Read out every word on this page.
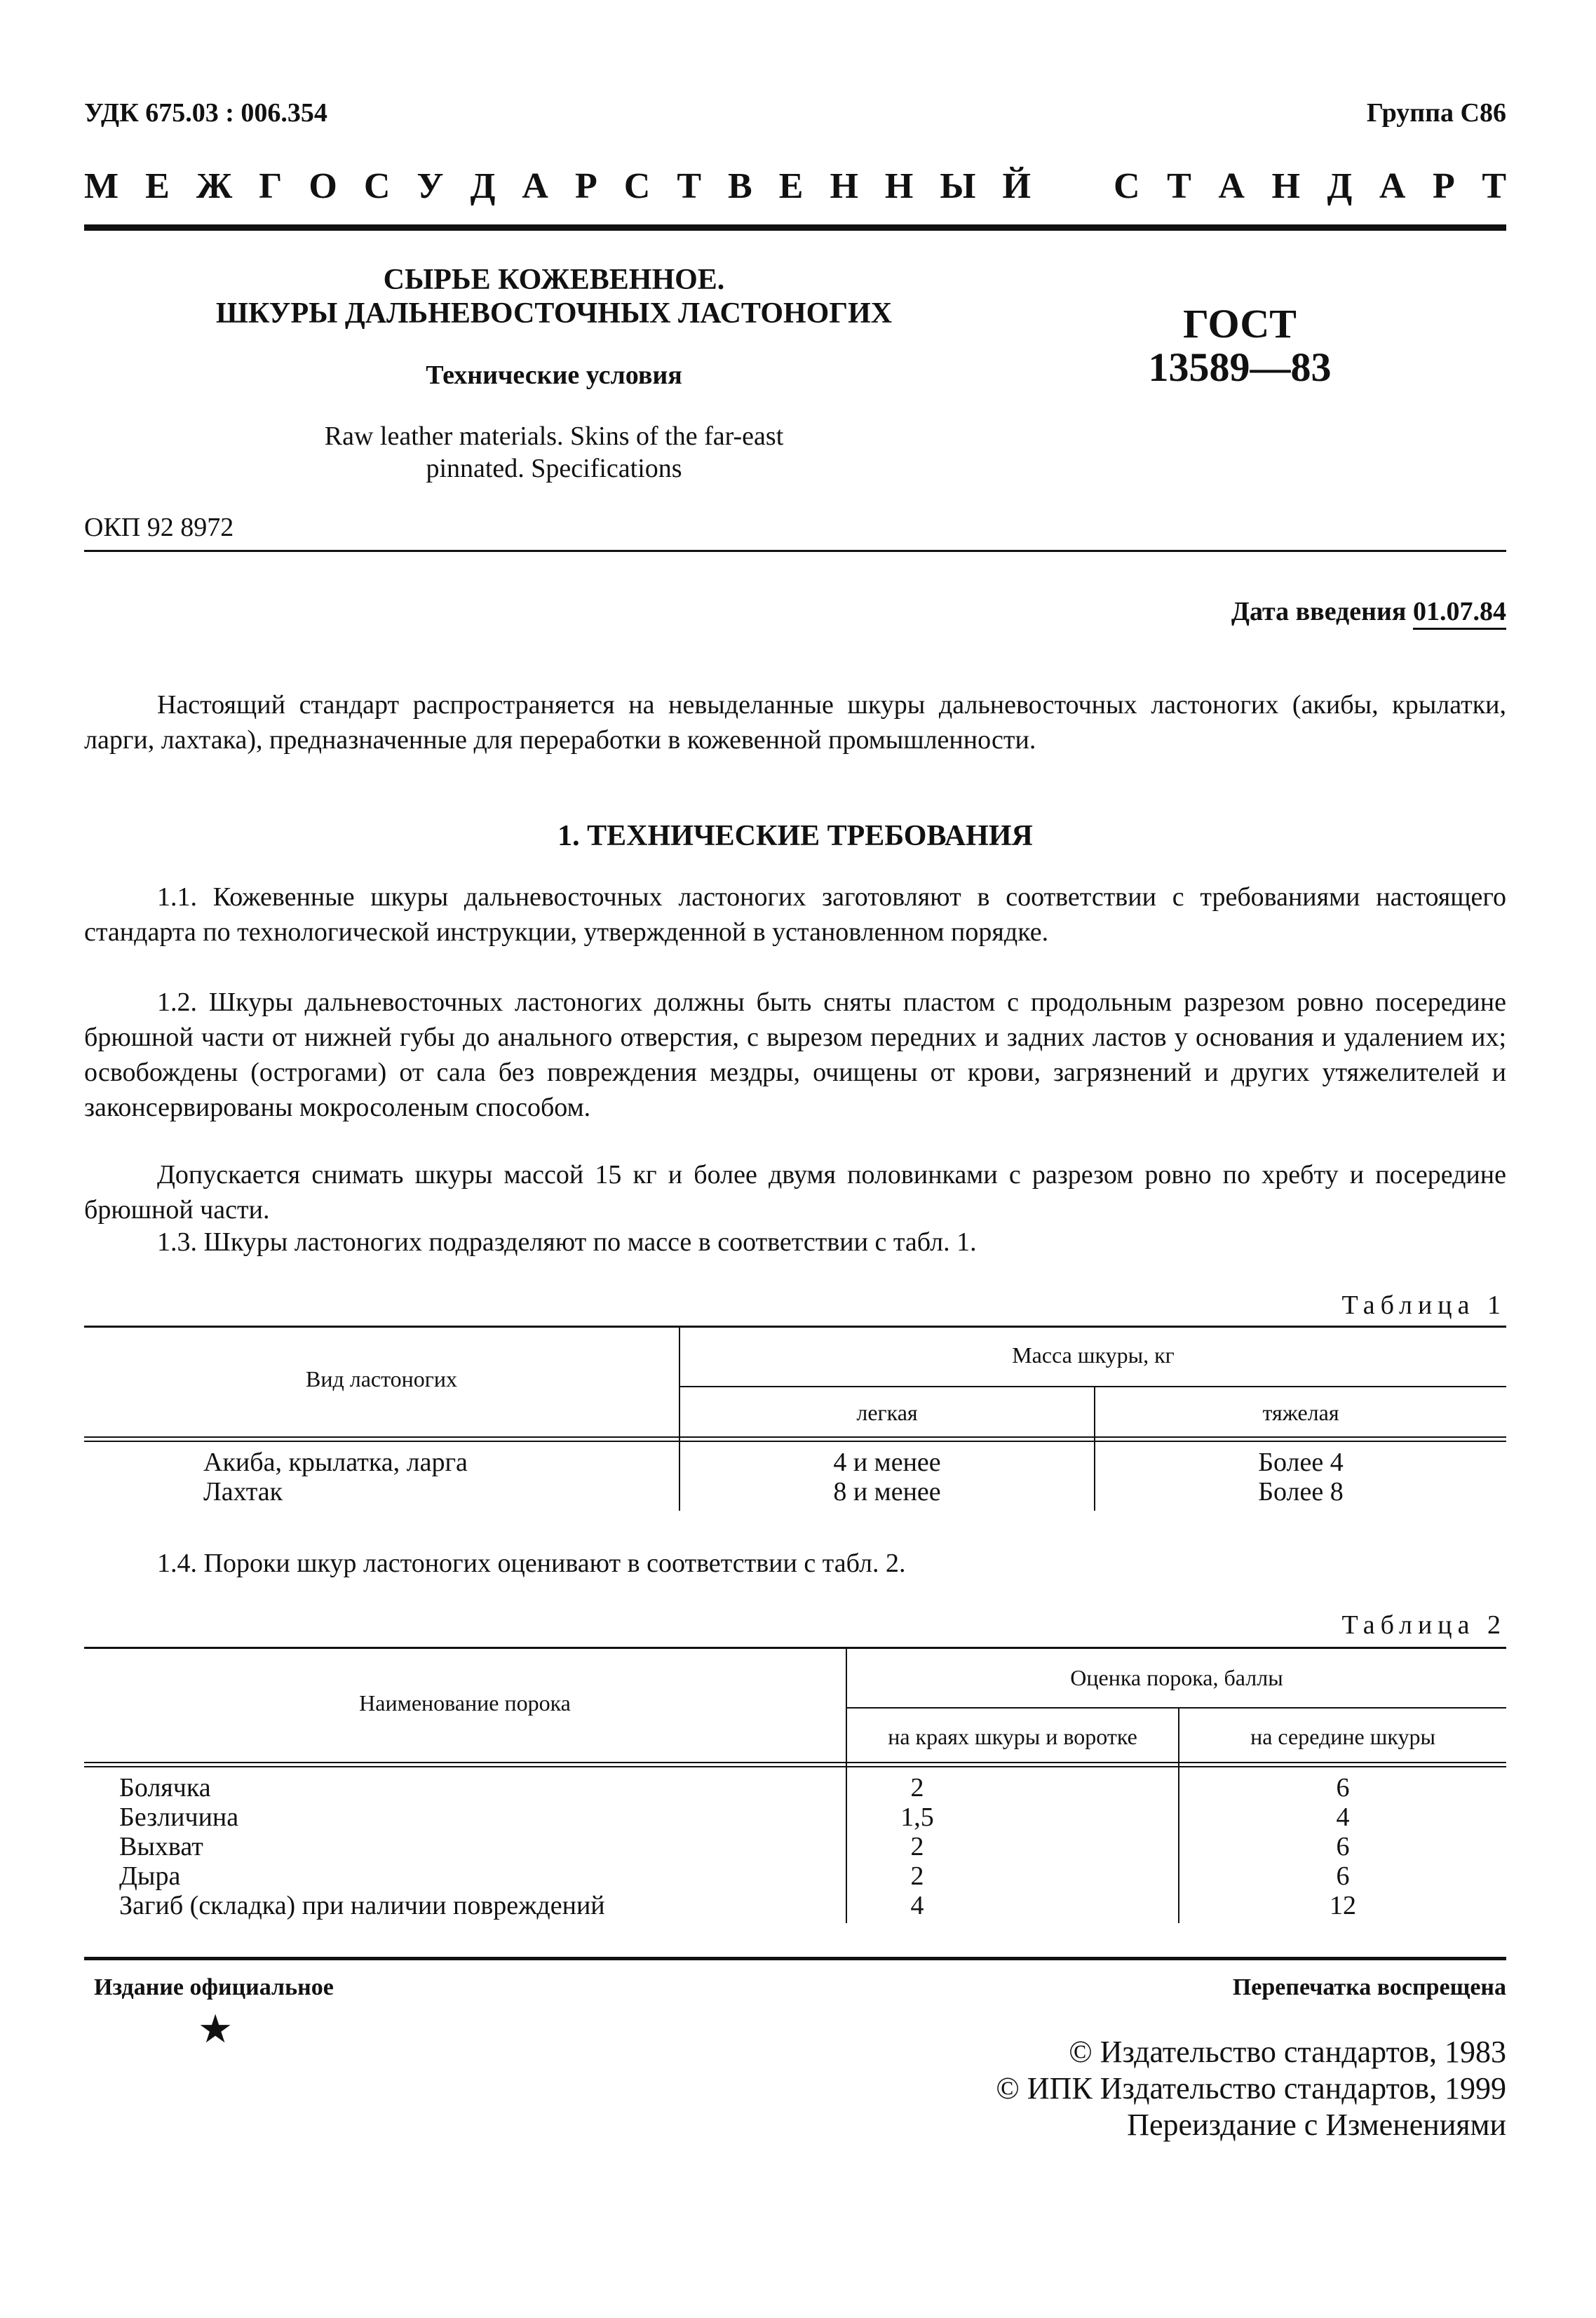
УДК 675.03 : 006.354	Группа С86
М Е Ж Г О С У Д А Р С Т В Е Н Н Ы Й С Т А Н Д А Р Т
СЫРЬЕ КОЖЕВЕННОЕ.
ШКУРЫ ДАЛЬНЕВОСТОЧНЫХ ЛАСТОНОГИХ
Технические условия
Raw leather materials. Skins of the far-east
pinnated. Specifications
ГОСТ
13589—83
ОКП 92 8972
Дата введения 01.07.84
Настоящий стандарт распространяется на невыделанные шкуры дальневосточных ластоногих (акибы, крылатки, ларги, лахтака), предназначенные для переработки в кожевенной промышленности.
1. ТЕХНИЧЕСКИЕ ТРЕБОВАНИЯ
1.1. Кожевенные шкуры дальневосточных ластоногих заготовляют в соответствии с требованиями настоящего стандарта по технологической инструкции, утвержденной в установленном порядке.
1.2. Шкуры дальневосточных ластоногих должны быть сняты пластом с продольным разрезом ровно посередине брюшной части от нижней губы до анального отверстия, с вырезом передних и задних ластов у основания и удалением их; освобождены (острогами) от сала без повреждения мездры, очищены от крови, загрязнений и других утяжелителей и законсервированы мокросоленым способом.
Допускается снимать шкуры массой 15 кг и более двумя половинками с разрезом ровно по хребту и посередине брюшной части.
1.3. Шкуры ластоногих подразделяют по массе в соответствии с табл. 1.
Таблица 1
Вид ластоногих
Масса шкуры, кг
легкая	тяжелая
Акиба, крылатка, ларга	4 и менее	Более 4
Лахтак	8 и менее	Более 8
1.4. Пороки шкур ластоногих оценивают в соответствии с табл. 2.
Таблица 2
Наименование порока
Оценка порока, баллы
на краях шкуры и воротке	на середине шкуры
Болячка	2	6
Безличина	1,5	4
Выхват	2	6
Дыра	2	6
Загиб (складка) при наличии повреждений	4	12
Издание официальное	Перепечатка воспрещена
★
© Издательство стандартов, 1983
© ИПК Издательство стандартов, 1999
Переиздание с Изменениями
